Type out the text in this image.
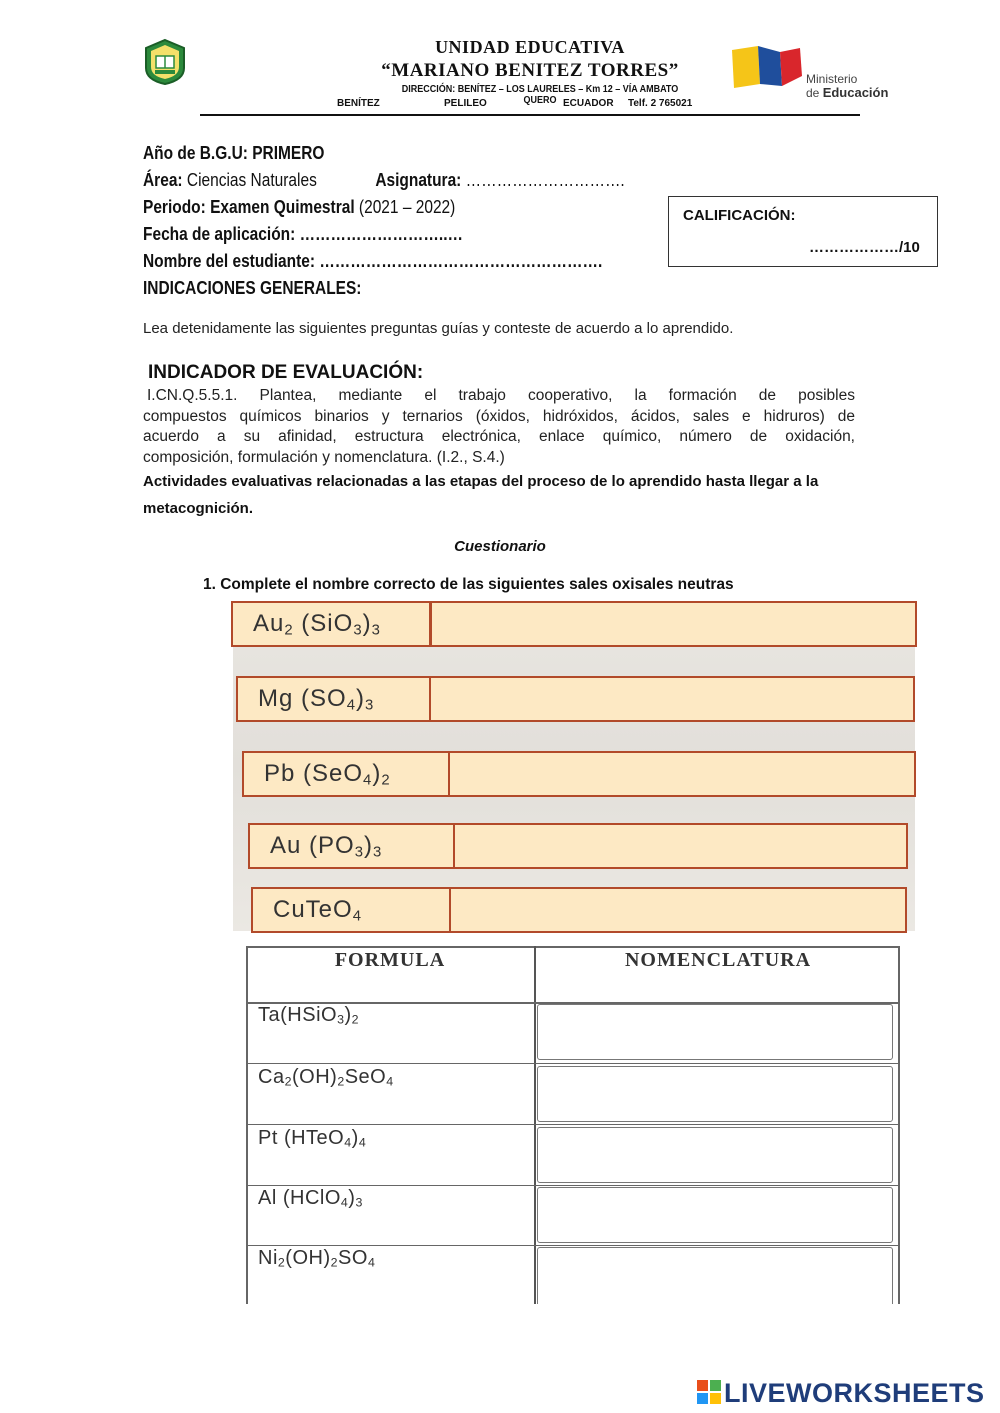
UNIDAD EDUCATIVA
“MARIANO BENITEZ TORRES”
DIRECCIÓN: BENÍTEZ – LOS LAURELES – Km 12 – VÍA AMBATO QUERO
BENÍTEZ	PELILEO	ECUADOR Telf. 2 765021
Ministerio
de Educación
Año de B.G.U: PRIMERO
Área: Ciencias Naturales	Asignatura: ………………………….
Periodo: Examen Quimestral (2021 – 2022)
Fecha de aplicación: ………………………..…
Nombre del estudiante: ……………………………………………….
INDICACIONES GENERALES:
CALIFICACIÓN:
………………/10
Lea detenidamente las siguientes preguntas guías y conteste de acuerdo a lo aprendido.
INDICADOR DE EVALUACIÓN:
I.CN.Q.5.5.1. Plantea, mediante el trabajo cooperativo, la formación de posibles
compuestos químicos binarios y ternarios (óxidos, hidróxidos, ácidos, sales e hidruros) de
acuerdo a su afinidad, estructura electrónica, enlace químico, número de oxidación,
composición, formulación y nomenclatura. (I.2., S.4.)
Actividades evaluativas relacionadas a las etapas del proceso de lo aprendido hasta llegar a la metacognición.
Cuestionario
1. Complete el nombre correcto de las siguientes sales oxisales neutras
$Au_2$ $(SiO_3)_3$
Mg $(SO_4)_3$
Pb $(SeO_4)_2$
Au $(PO_3)_3$
CuTeO$_4$
FORMULA	NOMENCLATURA
$Ta(HSiO_3)_2$
$Ca_2(OH)_2SeO_4$
Pt $(HTeO_4)_4$
Al $(HClO_4)_3$
$Ni_2(OH)_2SO_4$
LIVEWORKSHEETS
